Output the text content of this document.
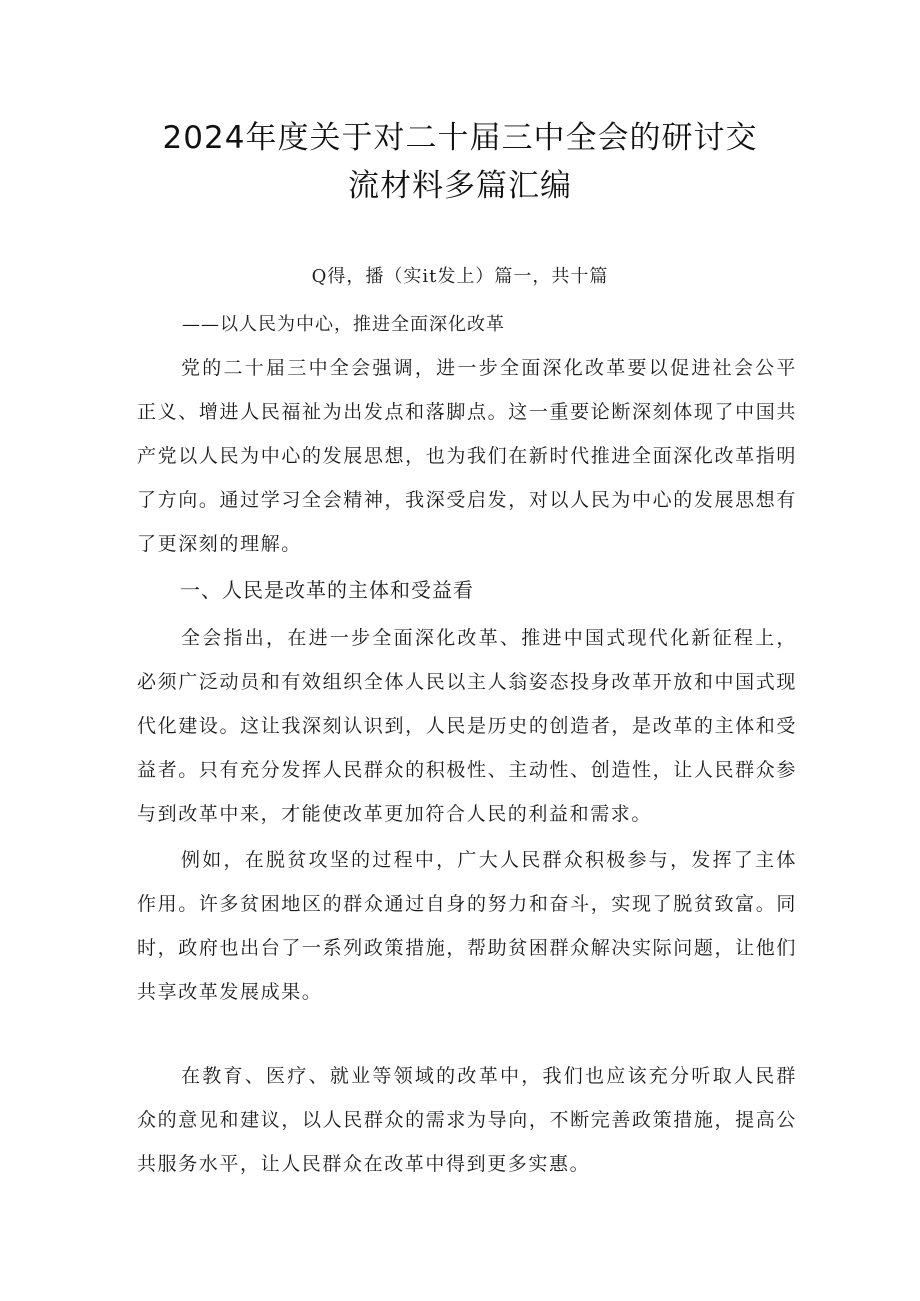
2024年度关于对二十届三中全会的研讨交
流材料多篇汇编
Q得，播（实it发上）篇一，共十篇
——以人民为中心，推进全面深化改革

党的二十届三中全会强调，进一步全面深化改革要以促进社会公平正义、增进人民福祉为出发点和落脚点。这一重要论断深刻体现了中国共产党以人民为中心的发展思想，也为我们在新时代推进全面深化改革指明了方向。通过学习全会精神，我深受启发，对以人民为中心的发展思想有了更深刻的理解。

一、人民是改革的主体和受益看

全会指出，在进一步全面深化改革、推进中国式现代化新征程上，必须广泛动员和有效组织全体人民以主人翁姿态投身改革开放和中国式现代化建设。这让我深刻认识到，人民是历史的创造者，是改革的主体和受益者。只有充分发挥人民群众的积极性、主动性、创造性，让人民群众参与到改革中来，才能使改革更加符合人民的利益和需求。

例如，在脱贫攻坚的过程中，广大人民群众积极参与，发挥了主体作用。许多贫困地区的群众通过自身的努力和奋斗，实现了脱贫致富。同时，政府也出台了一系列政策措施，帮助贫困群众解决实际问题，让他们共享改革发展成果。

在教育、医疗、就业等领域的改革中，我们也应该充分听取人民群众的意见和建议，以人民群众的需求为导向，不断完善政策措施，提高公共服务水平，让人民群众在改革中得到更多实惠。
